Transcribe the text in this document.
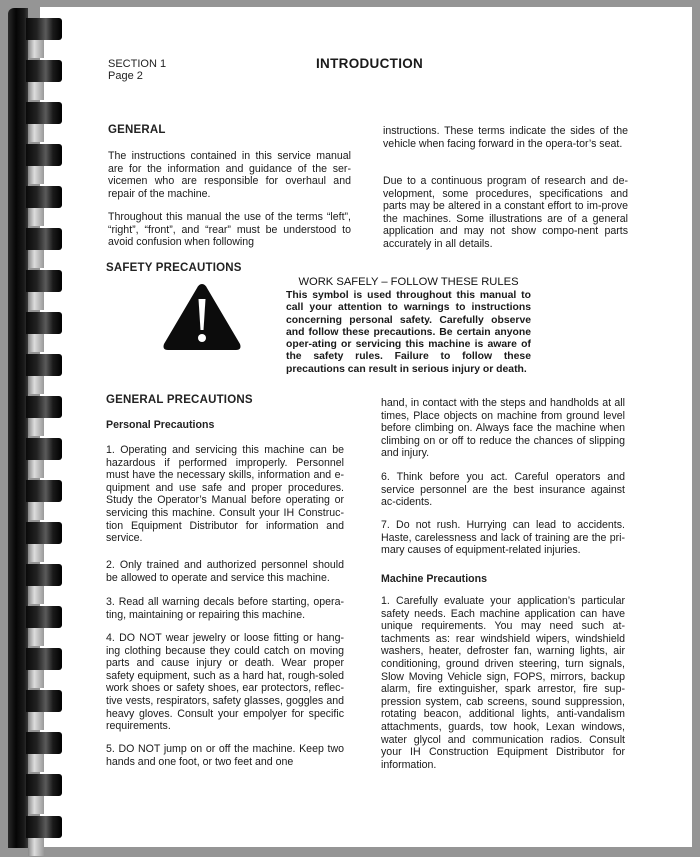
SECTION 1
Page 2
INTRODUCTION
GENERAL

The instructions contained in this service manual are for the information and guidance of the ser-vicemen who are responsible for overhaul and repair of the machine.

Throughout this manual the use of the terms “left”, “right”, “front”, and “rear” must be understood to avoid confusion when following

instructions. These terms indicate the sides of the vehicle when facing forward in the opera-tor’s seat.

Due to a continuous program of research and de-velopment, some procedures, specifications and parts may be altered in a constant effort to im-prove the machines. Some illustrations are of a general application and may not show compo-nent parts accurately in all details.

SAFETY PRECAUTIONS
WORK SAFELY – FOLLOW THESE RULES

This symbol is used throughout this manual to call your attention to warnings to instructions concerning personal safety. Carefully observe and follow these precautions. Be certain anyone oper-ating or servicing this machine is aware of the safety rules. Failure to follow these precautions can result in serious injury or death.

GENERAL PRECAUTIONS
Personal Precautions

1. Operating and servicing this machine can be hazardous if performed improperly. Personnel must have the necessary skills, information and e-quipment and use safe and proper procedures. Study the Operator’s Manual before operating or servicing this machine. Consult your IH Construc-tion Equipment Distributor for information and service.

2. Only trained and authorized personnel should be allowed to operate and service this machine.

3. Read all warning decals before starting, opera-ting, maintaining or repairing this machine.

4. DO NOT wear jewelry or loose fitting or hang-ing clothing because they could catch on moving parts and cause injury or death. Wear proper safety equipment, such as a hard hat, rough-soled work shoes or safety shoes, ear protectors, reflec-tive vests, respirators, safety glasses, goggles and heavy gloves. Consult your empolyer for specific requirements.

5. DO NOT jump on or off the machine. Keep two hands and one foot, or two feet and one

hand, in contact with the steps and handholds at all times, Place objects on machine from ground level before climbing on. Always face the machine when climbing on or off to reduce the chances of slipping and injury.

6. Think before you act. Careful operators and service personnel are the best insurance against ac-cidents.

7. Do not rush. Hurrying can lead to accidents. Haste, carelessness and lack of training are the pri-mary causes of equipment-related injuries.

Machine Precautions

1. Carefully evaluate your application’s particular safety needs. Each machine application can have unique requirements. You may need such at-tachments as: rear windshield wipers, windshield washers, heater, defroster fan, warning lights, air conditioning, ground driven steering, turn signals, Slow Moving Vehicle sign, FOPS, mirrors, backup alarm, fire extinguisher, spark arrestor, fire sup-pression system, cab screens, sound suppression, rotating beacon, additional lights, anti-vandalism attachments, guards, tow hook, Lexan windows, water glycol and communication radios. Consult your IH Construction Equipment Distributor for information.
